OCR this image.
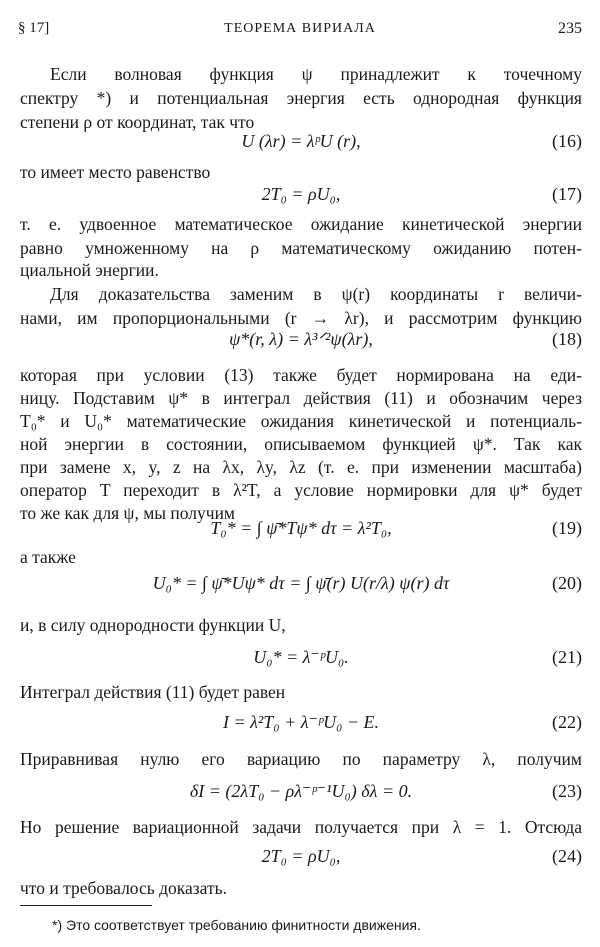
§ 17]	ТЕОРЕМА ВИРИАЛА	235
Если волновая функция ψ принадлежит к точечному
спектру *) и потенциальная энергия есть однородная функция
степени ρ от координат, так что
U (λr) = λᵖU (r),	(16)
то имеет место равенство
2T₀ = ρU₀,	(17)
т. е. удвоенное математическое ожидание кинетической энергии
равно умноженному на ρ математическому ожиданию потен-
циальной энергии.
Для доказательства заменим в ψ(r) координаты r величи-
нами, им пропорциональными (r → λr), и рассмотрим функцию
ψ*(r, λ) = λ³ᐟ²ψ(λr),	(18)
которая при условии (13) также будет нормирована на еди-
ницу. Подставим ψ* в интеграл действия (11) и обозначим через
T₀* и U₀* математические ожидания кинетической и потенциаль-
ной энергии в состоянии, описываемом функцией ψ*. Так как
при замене x, y, z на λx, λy, λz (т. е. при изменении масштаба)
оператор T переходит в λ²T, а условие нормировки для ψ* будет
то же как для ψ, мы получим
T₀* = ∫ ψ̄*Tψ* dτ = λ²T₀,	(19)
а также
U₀* = ∫ ψ̄*Uψ* dτ = ∫ ψ̄(r) U(r/λ) ψ(r) dτ	(20)
и, в силу однородности функции U,
U₀* = λ⁻ᵖU₀.	(21)
Интеграл действия (11) будет равен
I = λ²T₀ + λ⁻ᵖU₀ − E.	(22)
Приравнивая нулю его вариацию по параметру λ, получим
δI = (2λT₀ − ρλ⁻ᵖ⁻¹U₀) δλ = 0.	(23)
Но решение вариационной задачи получается при λ = 1. Отсюда
2T₀ = ρU₀,	(24)
что и требовалось доказать.
*) Это соответствует требованию финитности движения.
